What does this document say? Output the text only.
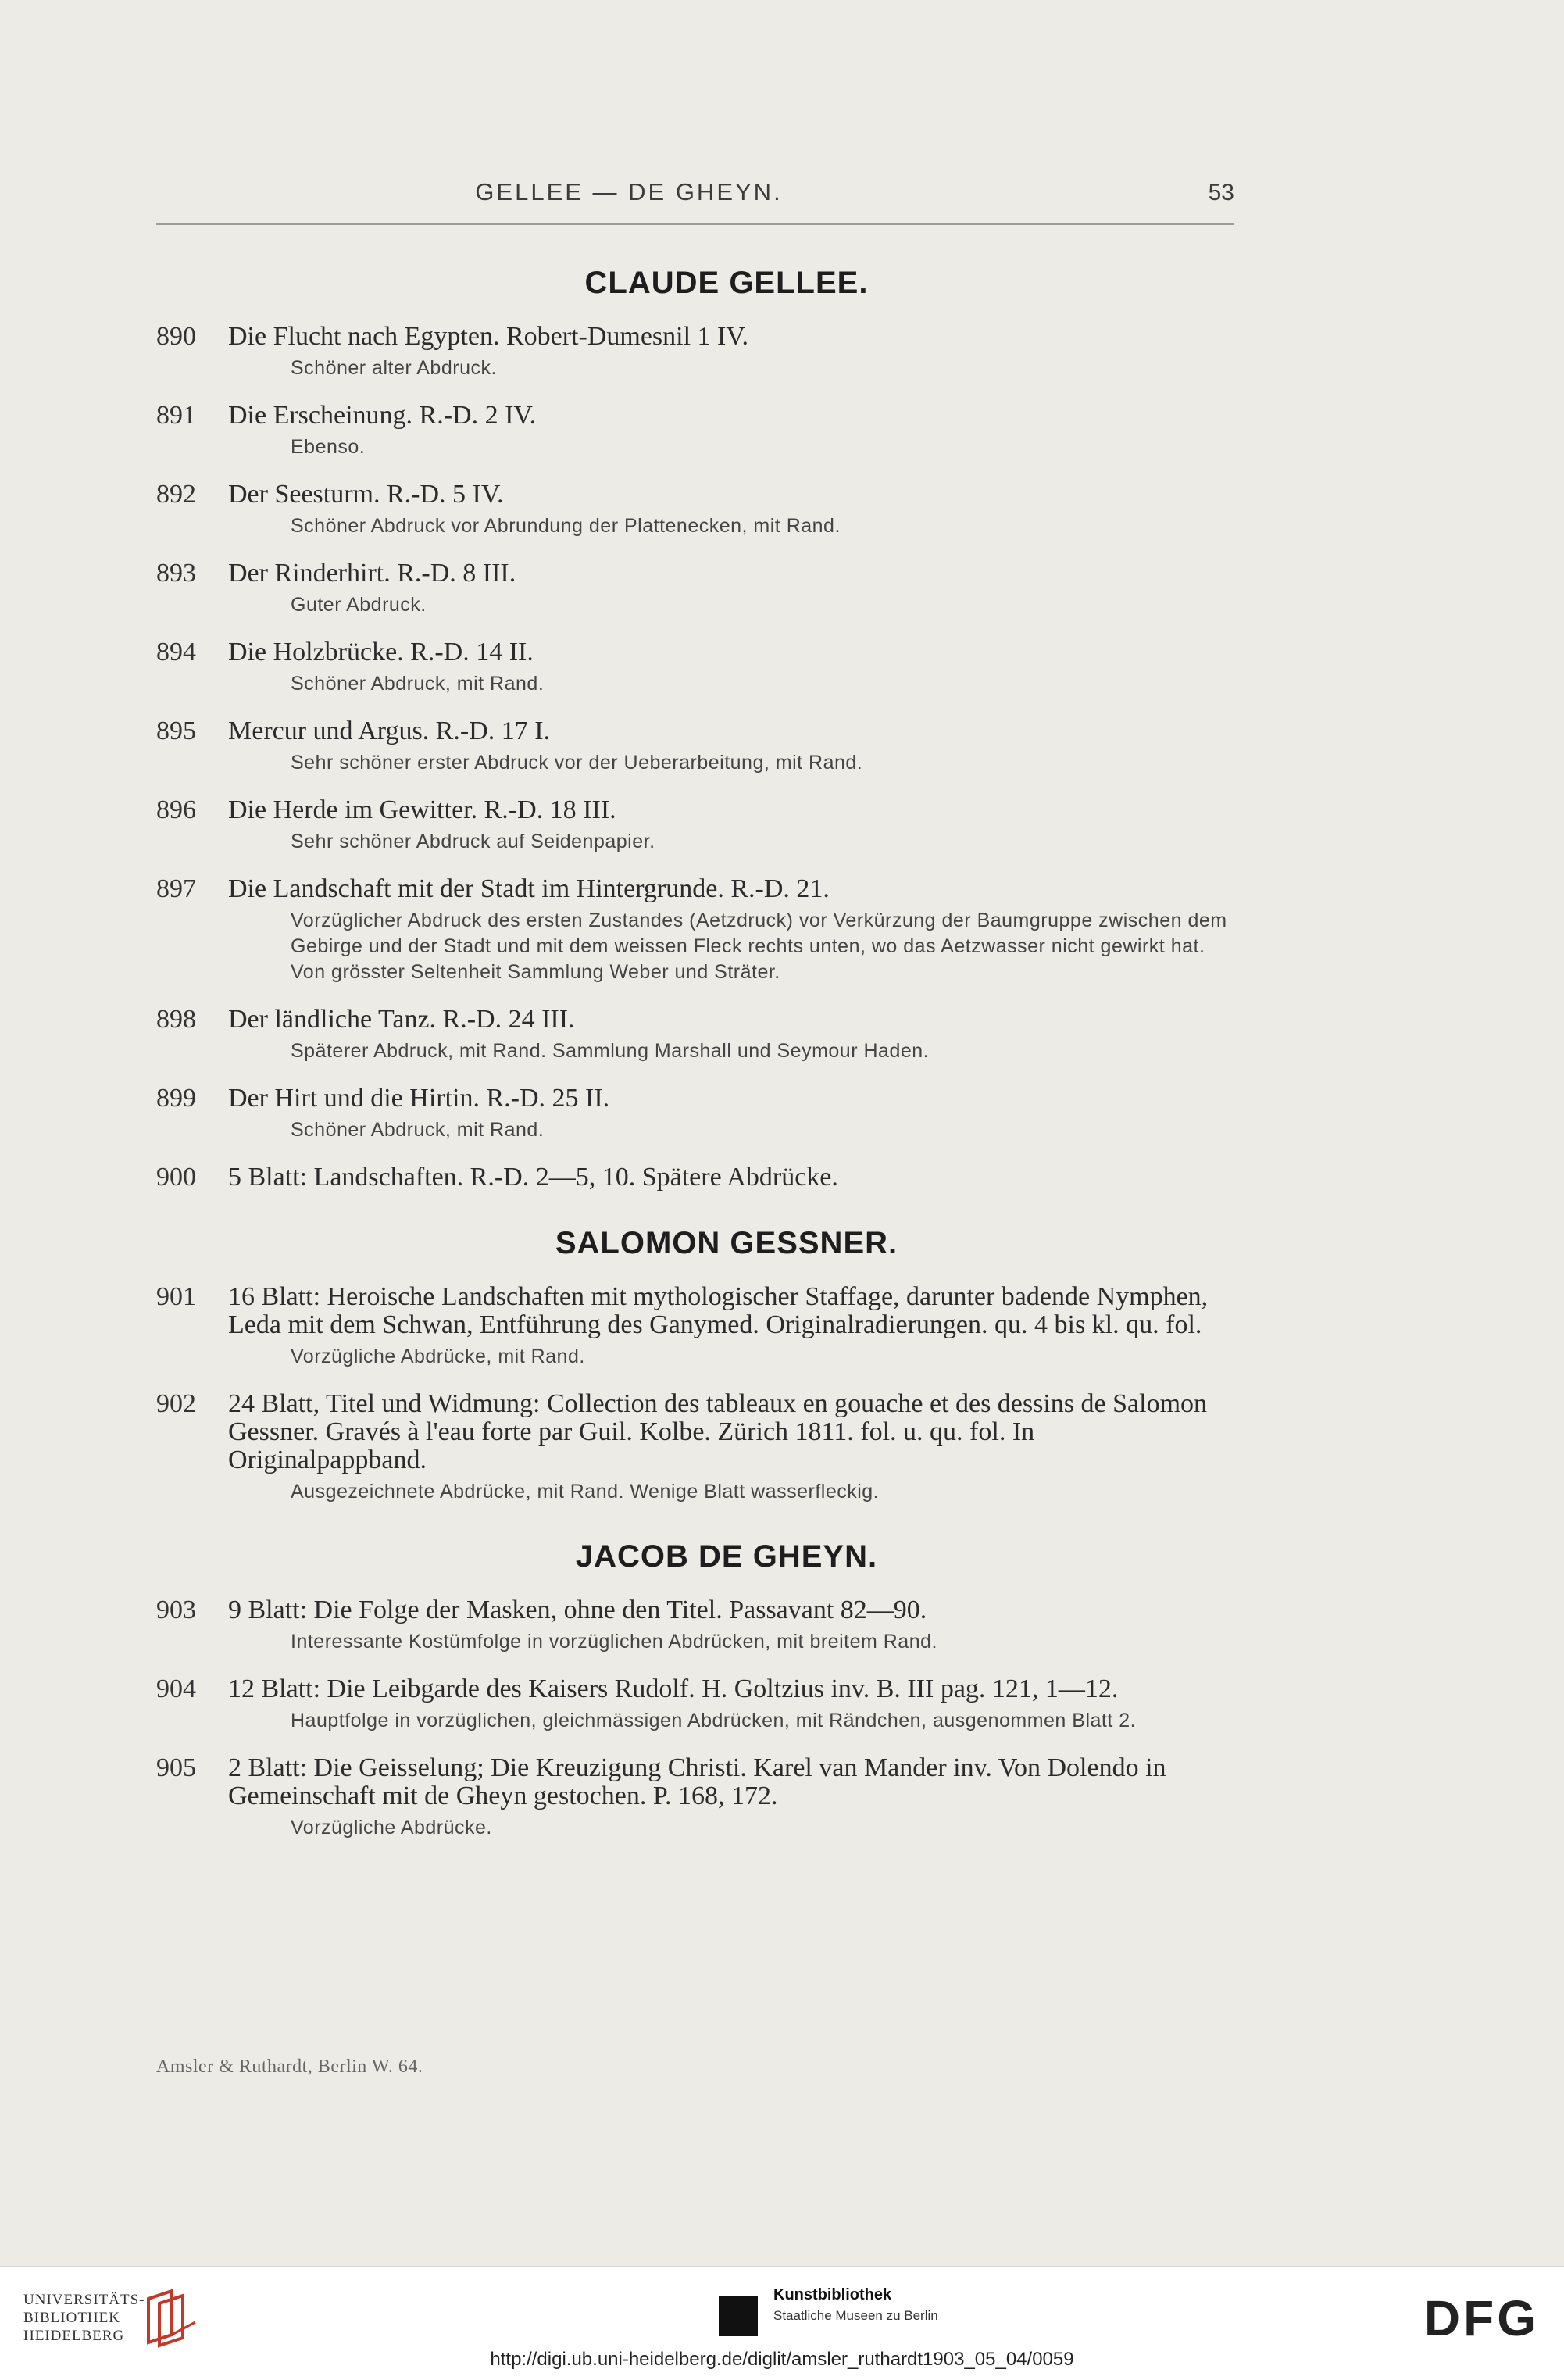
GELLEE — DE GHEYN.	53
CLAUDE GELLEE.
890	Die Flucht nach Egypten. Robert-Dumesnil 1 IV.
Schöner alter Abdruck.
891	Die Erscheinung. R.-D. 2 IV.
Ebenso.
892	Der Seesturm. R.-D. 5 IV.
Schöner Abdruck vor Abrundung der Plattenecken, mit Rand.
893	Der Rinderhirt. R.-D. 8 III.
Guter Abdruck.
894	Die Holzbrücke. R.-D. 14 II.
Schöner Abdruck, mit Rand.
895	Mercur und Argus. R.-D. 17 I.
Sehr schöner erster Abdruck vor der Ueberarbeitung, mit Rand.
896	Die Herde im Gewitter. R.-D. 18 III.
Sehr schöner Abdruck auf Seidenpapier.
897	Die Landschaft mit der Stadt im Hintergrunde. R.-D. 21.
Vorzüglicher Abdruck des ersten Zustandes (Aetzdruck) vor Verkürzung der Baumgruppe zwischen dem Gebirge und der Stadt und mit dem weissen Fleck rechts unten, wo das Aetzwasser nicht gewirkt hat. Von grösster Seltenheit Sammlung Weber und Sträter.
898	Der ländliche Tanz. R.-D. 24 III.
Späterer Abdruck, mit Rand. Sammlung Marshall und Seymour Haden.
899	Der Hirt und die Hirtin. R.-D. 25 II.
Schöner Abdruck, mit Rand.
900	5 Blatt: Landschaften. R.-D. 2—5, 10. Spätere Abdrücke.
SALOMON GESSNER.
901	16 Blatt: Heroische Landschaften mit mythologischer Staffage, darunter badende Nymphen, Leda mit dem Schwan, Entführung des Ganymed. Originalradierungen. qu. 4 bis kl. qu. fol.
Vorzügliche Abdrücke, mit Rand.
902	24 Blatt, Titel und Widmung: Collection des tableaux en gouache et des dessins de Salomon Gessner. Gravés à l'eau forte par Guil. Kolbe. Zürich 1811. fol. u. qu. fol. In Originalpappband.
Ausgezeichnete Abdrücke, mit Rand. Wenige Blatt wasserfleckig.
JACOB DE GHEYN.
903	9 Blatt: Die Folge der Masken, ohne den Titel. Passavant 82—90.
Interessante Kostümfolge in vorzüglichen Abdrücken, mit breitem Rand.
904	12 Blatt: Die Leibgarde des Kaisers Rudolf. H. Goltzius inv. B. III pag. 121, 1—12.
Hauptfolge in vorzüglichen, gleichmässigen Abdrücken, mit Rändchen, ausgenommen Blatt 2.
905	2 Blatt: Die Geisselung; Die Kreuzigung Christi. Karel van Mander inv. Von Dolendo in Gemeinschaft mit de Gheyn gestochen. P. 168, 172.
Vorzügliche Abdrücke.
Amsler & Ruthardt, Berlin W. 64.
UNIVERSITÄTS-
BIBLIOTHEK
HEIDELBERG
Kunstbibliothek
Staatliche Museen zu Berlin	DFG
http://digi.ub.uni-heidelberg.de/diglit/amsler_ruthardt1903_05_04/0059
